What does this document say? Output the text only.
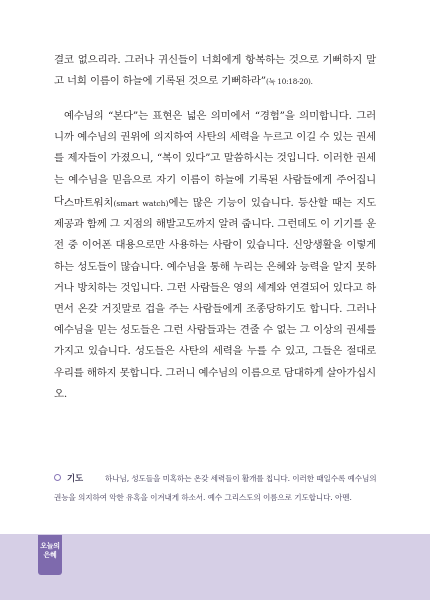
결코 없으리라. 그러나 귀신들이 너희에게 항복하는 것으로 기뻐하지 말고 너희 이름이 하늘에 기록된 것으로 기뻐하라”(눅 10:18-20).

예수님의 “본다”는 표현은 넓은 의미에서 “경험”을 의미합니다. 그러니까 예수님의 권위에 의지하여 사탄의 세력을 누르고 이길 수 있는 권세를 제자들이 가졌으니, “복이 있다”고 말씀하시는 것입니다. 이러한 권세는 예수님을 믿음으로 자기 이름이 하늘에 기록된 사람들에게 주어집니다.

스마트워치(smart watch)에는 많은 기능이 있습니다. 등산할 때는 지도 제공과 함께 그 지점의 해발고도까지 알려 줍니다. 그런데도 이 기기를 운전 중 이어폰 대용으로만 사용하는 사람이 있습니다. 신앙생활을 이렇게 하는 성도들이 많습니다. 예수님을 통해 누리는 은혜와 능력을 알지 못하거나 방치하는 것입니다. 그런 사람들은 영의 세계와 연결되어 있다고 하면서 온갖 거짓말로 겁을 주는 사람들에게 조종당하기도 합니다. 그러나 예수님을 믿는 성도들은 그런 사람들과는 견줄 수 없는 그 이상의 권세를 가지고 있습니다. 성도들은 사탄의 세력을 누를 수 있고, 그들은 절대로 우리를 해하지 못합니다. 그러니 예수님의 이름으로 담대하게 살아가십시오.

기도	하나님, 성도들을 미혹하는 온갖 세력들이 활개를 칩니다. 이러한 때일수록 예수님의 권능을 의지하여 악한 유혹을 이겨내게 하소서. 예수 그리스도의 이름으로 기도합니다. 아멘.

오늘의
은혜
